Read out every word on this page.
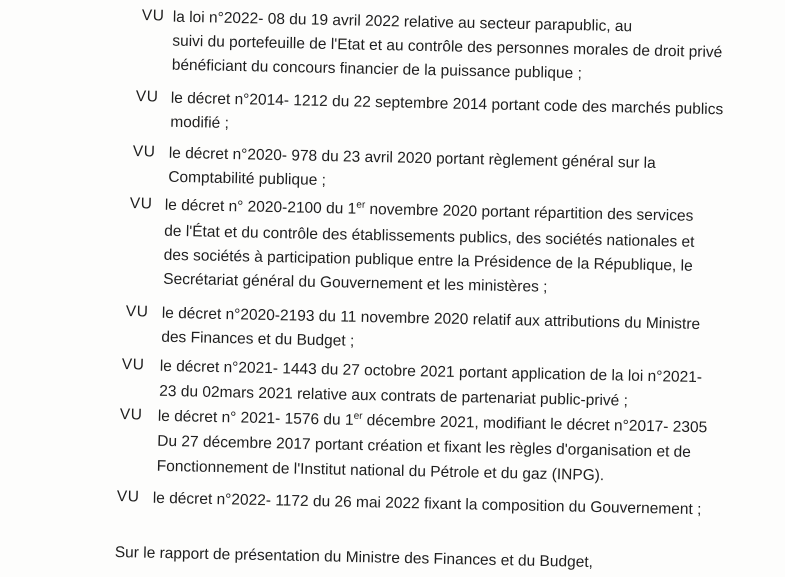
VU la loi n°2022- 08 du 19 avril 2022 relative au secteur parapublic, au
suivi du portefeuille de l'Etat et au contrôle des personnes morales de droit privé
bénéficiant du concours financier de la puissance publique ;
VU le décret n°2014- 1212 du 22 septembre 2014 portant code des marchés publics
modifié ;
VU le décret n°2020- 978 du 23 avril 2020 portant règlement général sur la
Comptabilité publique ;
VU le décret n° 2020-2100 du 1er novembre 2020 portant répartition des services
de l'État et du contrôle des établissements publics, des sociétés nationales et
des sociétés à participation publique entre la Présidence de la République, le
Secrétariat général du Gouvernement et les ministères ;
VU le décret n°2020-2193 du 11 novembre 2020 relatif aux attributions du Ministre
des Finances et du Budget ;
VU le décret n°2021- 1443 du 27 octobre 2021 portant application de la loi n°2021-
23 du 02mars 2021 relative aux contrats de partenariat public-privé ;
VU le décret n° 2021- 1576 du 1er décembre 2021, modifiant le décret n°2017- 2305
Du 27 décembre 2017 portant création et fixant les règles d'organisation et de
Fonctionnement de l'Institut national du Pétrole et du gaz (INPG).
VU le décret n°2022- 1172 du 26 mai 2022 fixant la composition du Gouvernement ;
Sur le rapport de présentation du Ministre des Finances et du Budget,
